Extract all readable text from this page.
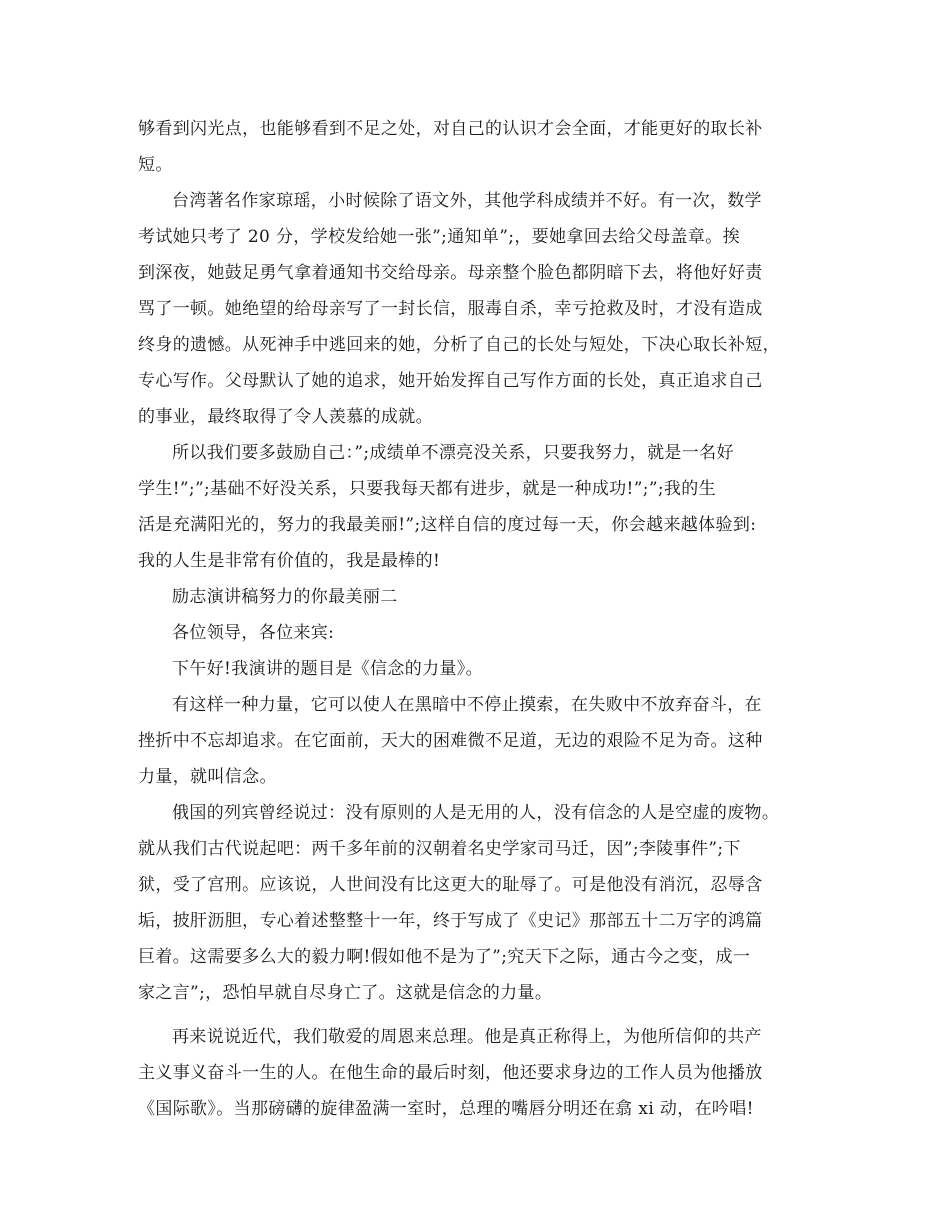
够看到闪光点，也能够看到不足之处，对自己的认识才会全面，才能更好的取长补
短。
台湾著名作家琼瑶，小时候除了语文外，其他学科成绩并不好。有一次，数学
考试她只考了 20 分，学校发给她一张”;通知单”;，要她拿回去给父母盖章。挨
到深夜，她鼓足勇气拿着通知书交给母亲。母亲整个脸色都阴暗下去，将他好好责
骂了一顿。她绝望的给母亲写了一封长信，服毒自杀，幸亏抢救及时，才没有造成
终身的遗憾。从死神手中逃回来的她，分析了自己的长处与短处，下决心取长补短，
专心写作。父母默认了她的追求，她开始发挥自己写作方面的长处，真正追求自己
的事业，最终取得了令人羡慕的成就。
所以我们要多鼓励自己：”;成绩单不漂亮没关系，只要我努力，就是一名好
学生!”;”;基础不好没关系，只要我每天都有进步，就是一种成功!”;”;我的生
活是充满阳光的，努力的我最美丽!”;这样自信的度过每一天，你会越来越体验到:
我的人生是非常有价值的，我是最棒的!
励志演讲稿努力的你最美丽二
各位领导，各位来宾:
下午好!我演讲的题目是《信念的力量》。
有这样一种力量，它可以使人在黑暗中不停止摸索，在失败中不放弃奋斗，在
挫折中不忘却追求。在它面前，天大的困难微不足道，无边的艰险不足为奇。这种
力量，就叫信念。
俄国的列宾曾经说过：没有原则的人是无用的人，没有信念的人是空虚的废物。
就从我们古代说起吧：两千多年前的汉朝着名史学家司马迁，因”;李陵事件”;下
狱，受了宫刑。应该说，人世间没有比这更大的耻辱了。可是他没有消沉，忍辱含
垢，披肝沥胆，专心着述整整十一年，终于写成了《史记》那部五十二万字的鸿篇
巨着。这需要多么大的毅力啊!假如他不是为了”;究天下之际，通古今之变，成一
家之言”;，恐怕早就自尽身亡了。这就是信念的力量。
再来说说近代，我们敬爱的周恩来总理。他是真正称得上，为他所信仰的共产
主义事义奋斗一生的人。在他生命的最后时刻，他还要求身边的工作人员为他播放
《国际歌》。当那磅礴的旋律盈满一室时，总理的嘴唇分明还在翕 xi 动，在吟唱!
